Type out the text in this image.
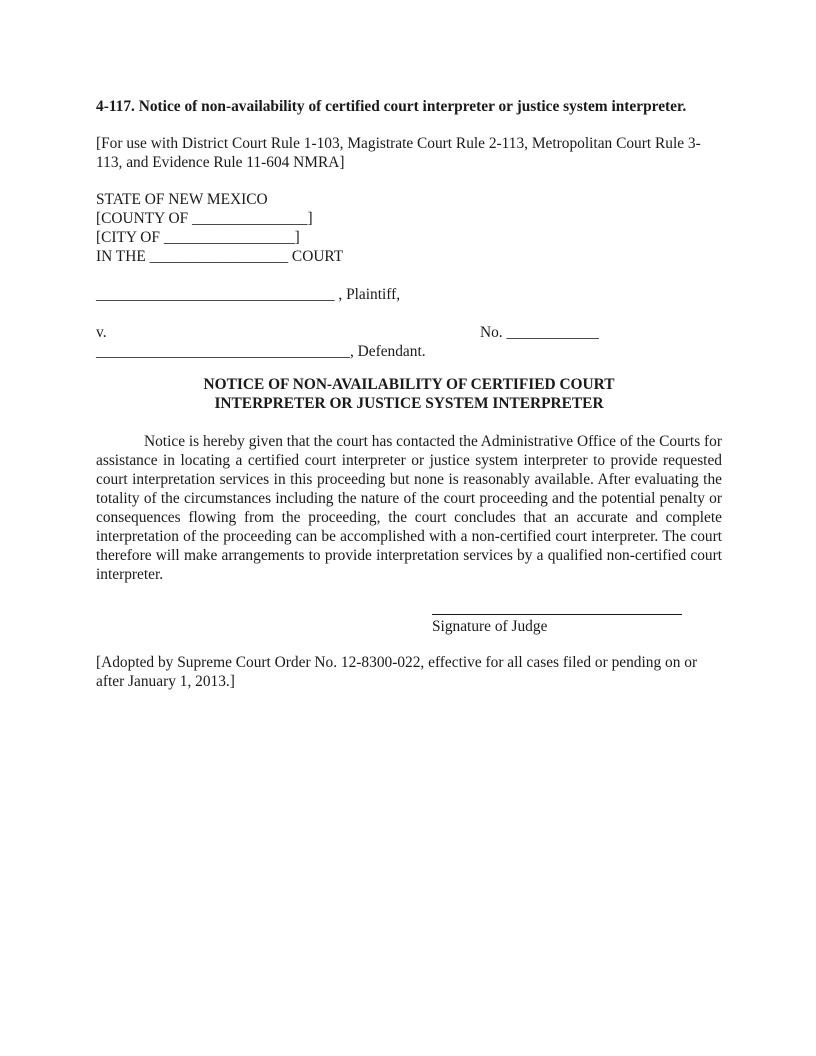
4-117. Notice of non-availability of certified court interpreter or justice system interpreter.

[For use with District Court Rule 1-103, Magistrate Court Rule 2-113, Metropolitan Court Rule 3-113, and Evidence Rule 11-604 NMRA]

STATE OF NEW MEXICO
[COUNTY OF _______________]
[CITY OF _________________]
IN THE __________________ COURT
_______________________________ , Plaintiff,
v.	No. ____________
_________________________________, Defendant.
NOTICE OF NON-AVAILABILITY OF CERTIFIED COURT
INTERPRETER OR JUSTICE SYSTEM INTERPRETER

Notice is hereby given that the court has contacted the Administrative Office of the Courts for assistance in locating a certified court interpreter or justice system interpreter to provide requested court interpretation services in this proceeding but none is reasonably available. After evaluating the totality of the circumstances including the nature of the court proceeding and the potential penalty or consequences flowing from the proceeding, the court concludes that an accurate and complete interpretation of the proceeding can be accomplished with a non-certified court interpreter. The court therefore will make arrangements to provide interpretation services by a qualified non-certified court interpreter.

Signature of Judge

[Adopted by Supreme Court Order No. 12-8300-022, effective for all cases filed or pending on or after January 1, 2013.]
